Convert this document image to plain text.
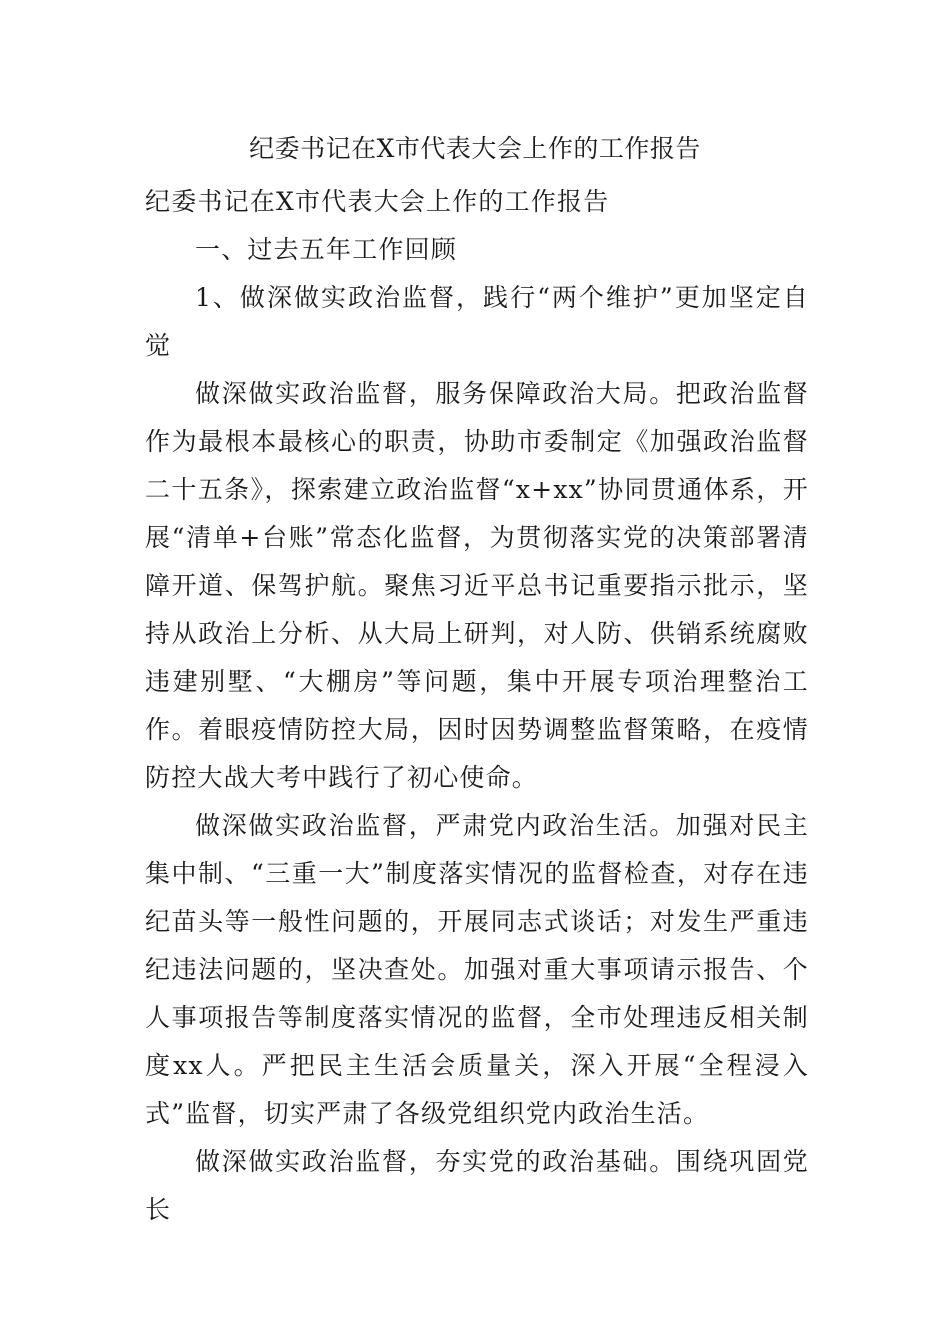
纪委书记在X市代表大会上作的工作报告

纪委书记在X市代表大会上作的工作报告

一、过去五年工作回顾

1、做深做实政治监督，践行“两个维护”更加坚定自觉

做深做实政治监督，服务保障政治大局。把政治监督作为最根本最核心的职责，协助市委制定《加强政治监督二十五条》，探索建立政治监督“x+xx”协同贯通体系，开展“清单+台账”常态化监督，为贯彻落实党的决策部署清障开道、保驾护航。聚焦习近平总书记重要指示批示，坚持从政治上分析、从大局上研判，对人防、供销系统腐败违建别墅、“大棚房”等问题，集中开展专项治理整治工作。着眼疫情防控大局，因时因势调整监督策略，在疫情防控大战大考中践行了初心使命。

做深做实政治监督，严肃党内政治生活。加强对民主集中制、“三重一大”制度落实情况的监督检查，对存在违纪苗头等一般性问题的，开展同志式谈话；对发生严重违纪违法问题的，坚决查处。加强对重大事项请示报告、个人事项报告等制度落实情况的监督，全市处理违反相关制度xx人。严把民主生活会质量关，深入开展“全程浸入式”监督，切实严肃了各级党组织党内政治生活。

做深做实政治监督，夯实党的政治基础。围绕巩固党长
